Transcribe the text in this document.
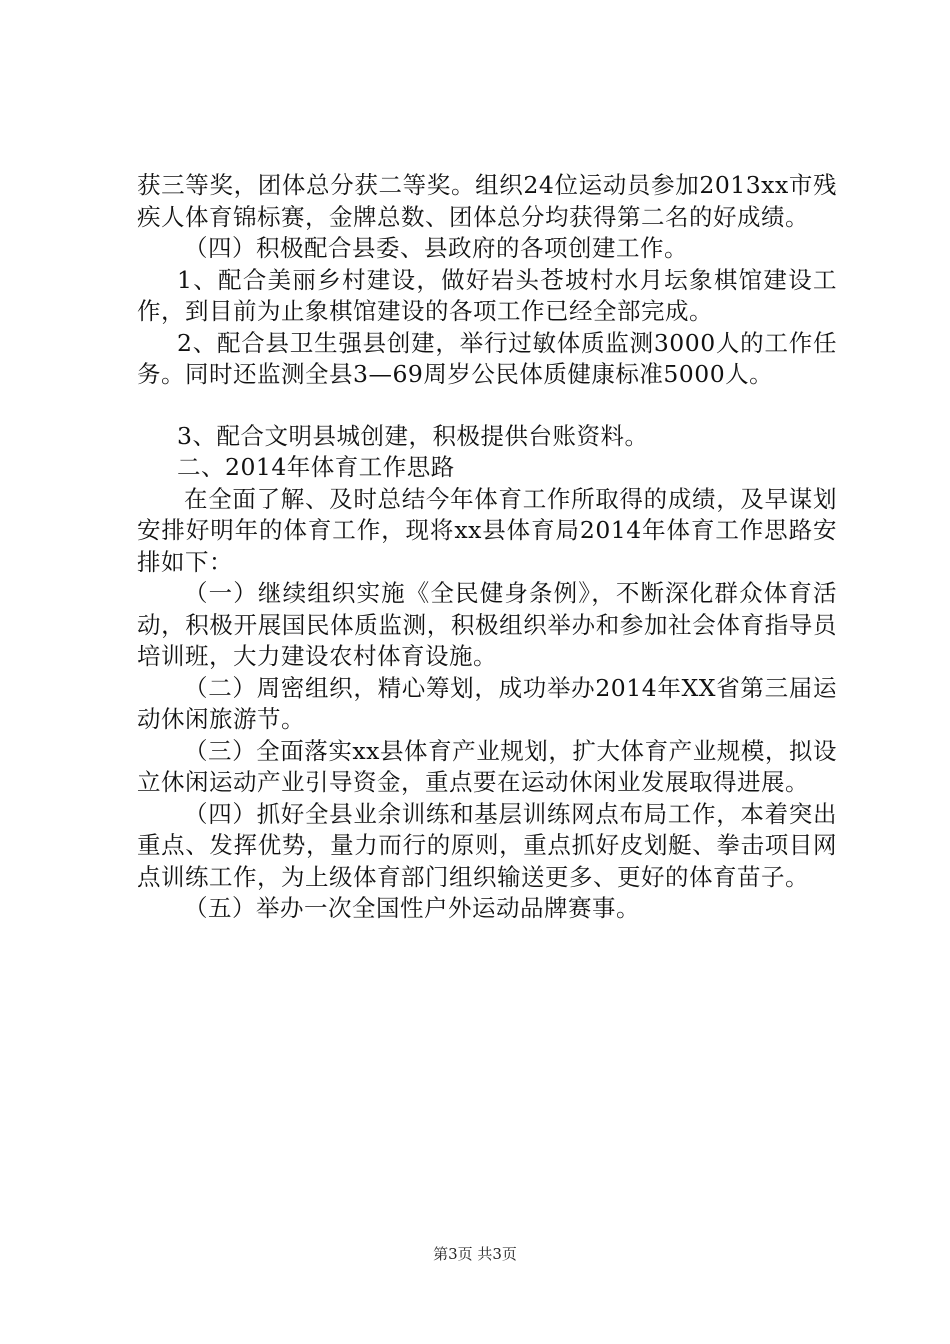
获三等奖，团体总分获二等奖。组织24位运动员参加2013xx市残疾人体育锦标赛，金牌总数、团体总分均获得第二名的好成绩。

（四）积极配合县委、县政府的各项创建工作。

1、配合美丽乡村建设，做好岩头苍坡村水月坛象棋馆建设工作，到目前为止象棋馆建设的各项工作已经全部完成。

2、配合县卫生强县创建，举行过敏体质监测3000人的工作任务。同时还监测全县3—69周岁公民体质健康标准5000人。

3、配合文明县城创建，积极提供台账资料。

二、2014年体育工作思路

在全面了解、及时总结今年体育工作所取得的成绩，及早谋划安排好明年的体育工作，现将xx县体育局2014年体育工作思路安排如下：

（一）继续组织实施《全民健身条例》，不断深化群众体育活动，积极开展国民体质监测，积极组织举办和参加社会体育指导员培训班，大力建设农村体育设施。

（二）周密组织，精心筹划，成功举办2014年XX省第三届运动休闲旅游节。

（三）全面落实xx县体育产业规划，扩大体育产业规模，拟设立休闲运动产业引导资金，重点要在运动休闲业发展取得进展。

（四）抓好全县业余训练和基层训练网点布局工作，本着突出重点、发挥优势，量力而行的原则，重点抓好皮划艇、拳击项目网点训练工作，为上级体育部门组织输送更多、更好的体育苗子。

（五）举办一次全国性户外运动品牌赛事。

第3页 共3页
